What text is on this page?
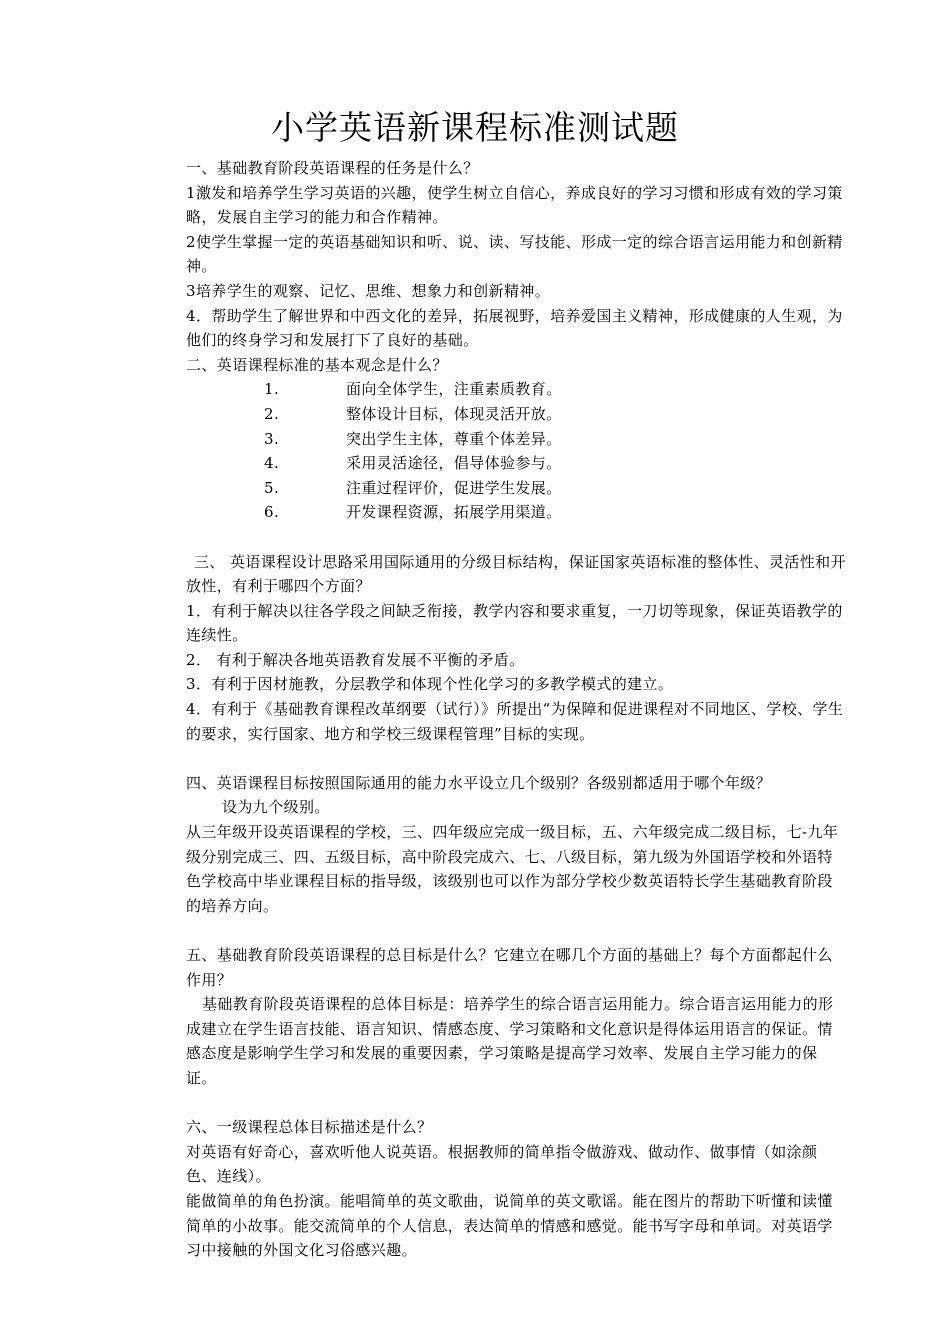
小学英语新课程标准测试题

一、基础教育阶段英语课程的任务是什么？

1激发和培养学生学习英语的兴趣，使学生树立自信心，养成良好的学习习惯和形成有效的学习策略，发展自主学习的能力和合作精神。

2使学生掌握一定的英语基础知识和听、说、读、写技能、形成一定的综合语言运用能力和创新精神。

3培养学生的观察、记忆、思维、想象力和创新精神。

4．帮助学生了解世界和中西文化的差异，拓展视野，培养爱国主义精神，形成健康的人生观，为他们的终身学习和发展打下了良好的基础。

二、英语课程标准的基本观念是什么？

1.	面向全体学生，注重素质教育。
2.	整体设计目标，体现灵活开放。
3.	突出学生主体，尊重个体差异。
4.	采用灵活途径，倡导体验参与。
5.	注重过程评价，促进学生发展。
6.	开发课程资源，拓展学用渠道。

三、 英语课程设计思路采用国际通用的分级目标结构，保证国家英语标准的整体性、灵活性和开放性，有利于哪四个方面？

1．有利于解决以往各学段之间缺乏衔接，教学内容和要求重复，一刀切等现象，保证英语教学的连续性。

2． 有利于解决各地英语教育发展不平衡的矛盾。

3．有利于因材施教，分层教学和体现个性化学习的多教学模式的建立。

4．有利于《基础教育课程改革纲要（试行）》所提出“为保障和促进课程对不同地区、学校、学生的要求，实行国家、地方和学校三级课程管理”目标的实现。

四、英语课程目标按照国际通用的能力水平设立几个级别？各级别都适用于哪个年级？

设为九个级别。

从三年级开设英语课程的学校，三、四年级应完成一级目标，五、六年级完成二级目标，七-九年级分别完成三、四、五级目标，高中阶段完成六、七、八级目标，第九级为外国语学校和外语特色学校高中毕业课程目标的指导级，该级别也可以作为部分学校少数英语特长学生基础教育阶段的培养方向。

五、基础教育阶段英语课程的总目标是什么？它建立在哪几个方面的基础上？每个方面都起什么作用？

基础教育阶段英语课程的总体目标是：培养学生的综合语言运用能力。综合语言运用能力的形成建立在学生语言技能、语言知识、情感态度、学习策略和文化意识是得体运用语言的保证。情感态度是影响学生学习和发展的重要因素，学习策略是提高学习效率、发展自主学习能力的保证。

六、一级课程总体目标描述是什么？

对英语有好奇心，喜欢听他人说英语。根据教师的简单指令做游戏、做动作、做事情（如涂颜色、连线）。

能做简单的角色扮演。能唱简单的英文歌曲，说简单的英文歌谣。能在图片的帮助下听懂和读懂简单的小故事。能交流简单的个人信息，表达简单的情感和感觉。能书写字母和单词。对英语学习中接触的外国文化习俗感兴趣。
